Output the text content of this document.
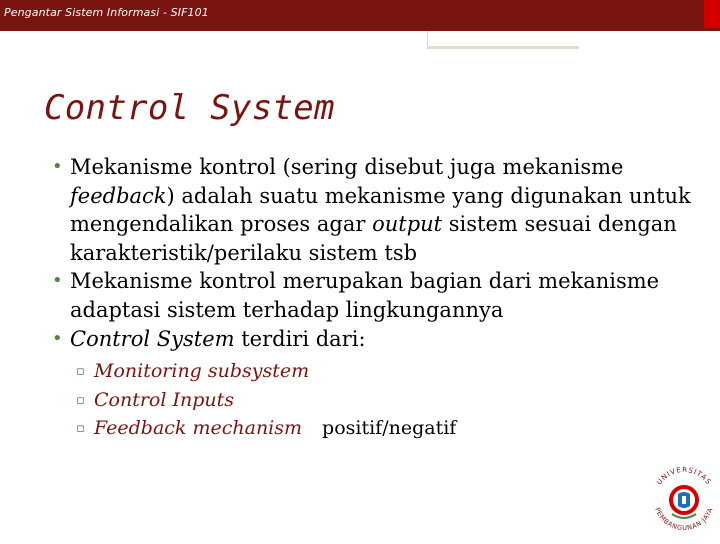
Pengantar Sistem Informasi - SIF101
Control System
• Mekanisme kontrol (sering disebut juga mekanisme feedback) adalah suatu mekanisme yang digunakan untuk mengendalikan proses agar output sistem sesuai dengan karakteristik/perilaku sistem tsb
• Mekanisme kontrol merupakan bagian dari mekanisme adaptasi sistem terhadap lingkungannya
• Control System terdiri dari:
▫ Monitoring subsystem
▫ Control Inputs
▫ Feedback mechanism positif/negatif
UNIVERSITAS
PEMBANGUNAN JAYA
